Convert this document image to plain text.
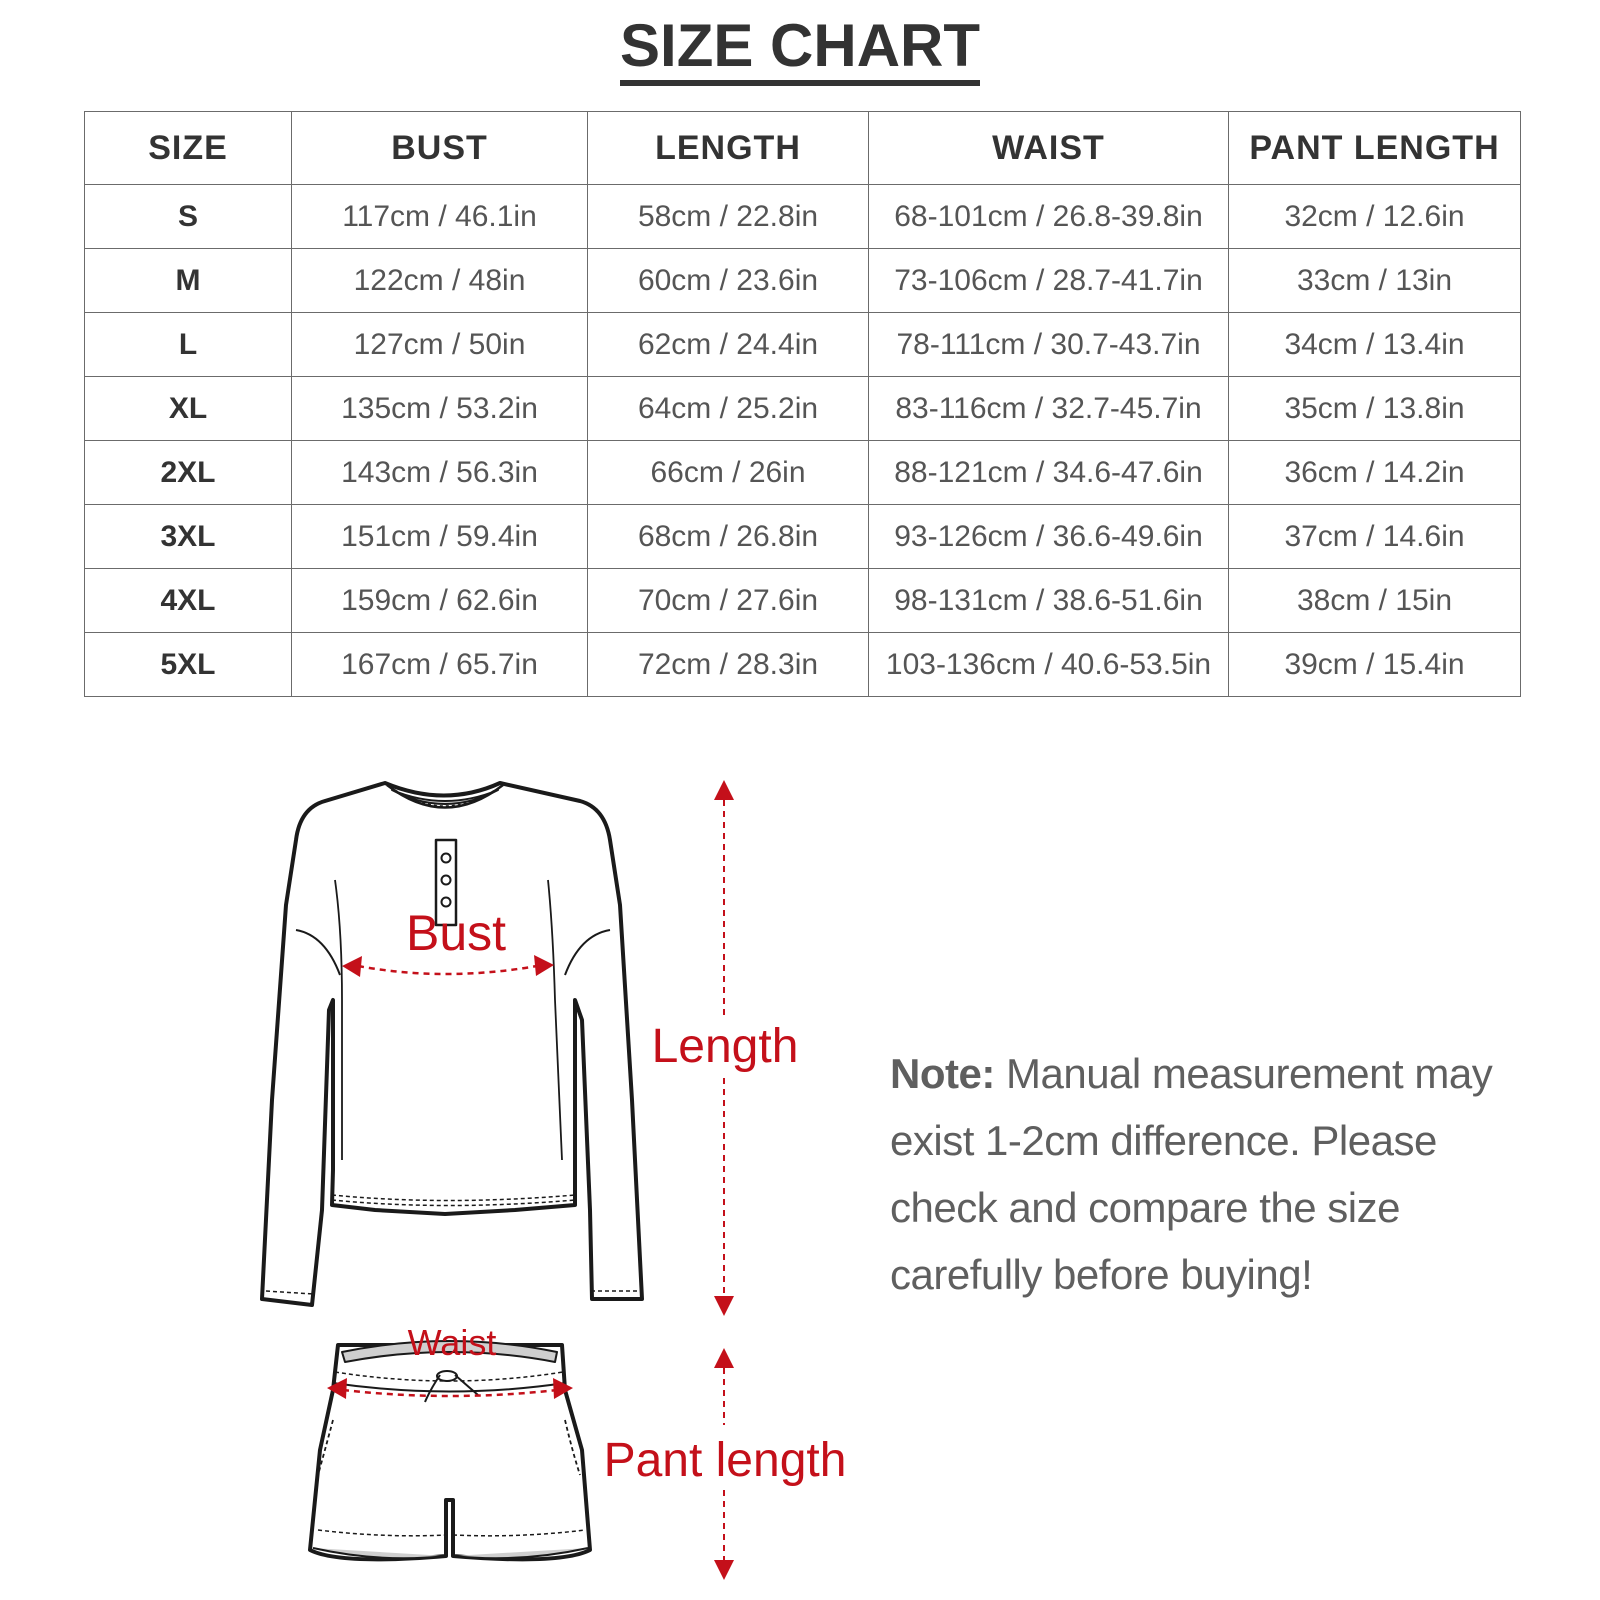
SIZE CHART
SIZE	BUST	LENGTH	WAIST	PANT LENGTH
S	117cm / 46.1in	58cm / 22.8in	68-101cm / 26.8-39.8in	32cm / 12.6in
M	122cm / 48in	60cm / 23.6in	73-106cm / 28.7-41.7in	33cm / 13in
L	127cm / 50in	62cm / 24.4in	78-111cm / 30.7-43.7in	34cm / 13.4in
XL	135cm / 53.2in	64cm / 25.2in	83-116cm / 32.7-45.7in	35cm / 13.8in
2XL	143cm / 56.3in	66cm / 26in	88-121cm / 34.6-47.6in	36cm / 14.2in
3XL	151cm / 59.4in	68cm / 26.8in	93-126cm / 36.6-49.6in	37cm / 14.6in
4XL	159cm / 62.6in	70cm / 27.6in	98-131cm / 38.6-51.6in	38cm / 15in
5XL	167cm / 65.7in	72cm / 28.3in	103-136cm / 40.6-53.5in	39cm / 15.4in
Bust
Length
Waist
Pant length

Note: Manual measurement may exist 1-2cm difference. Please check and compare the size carefully before buying!
